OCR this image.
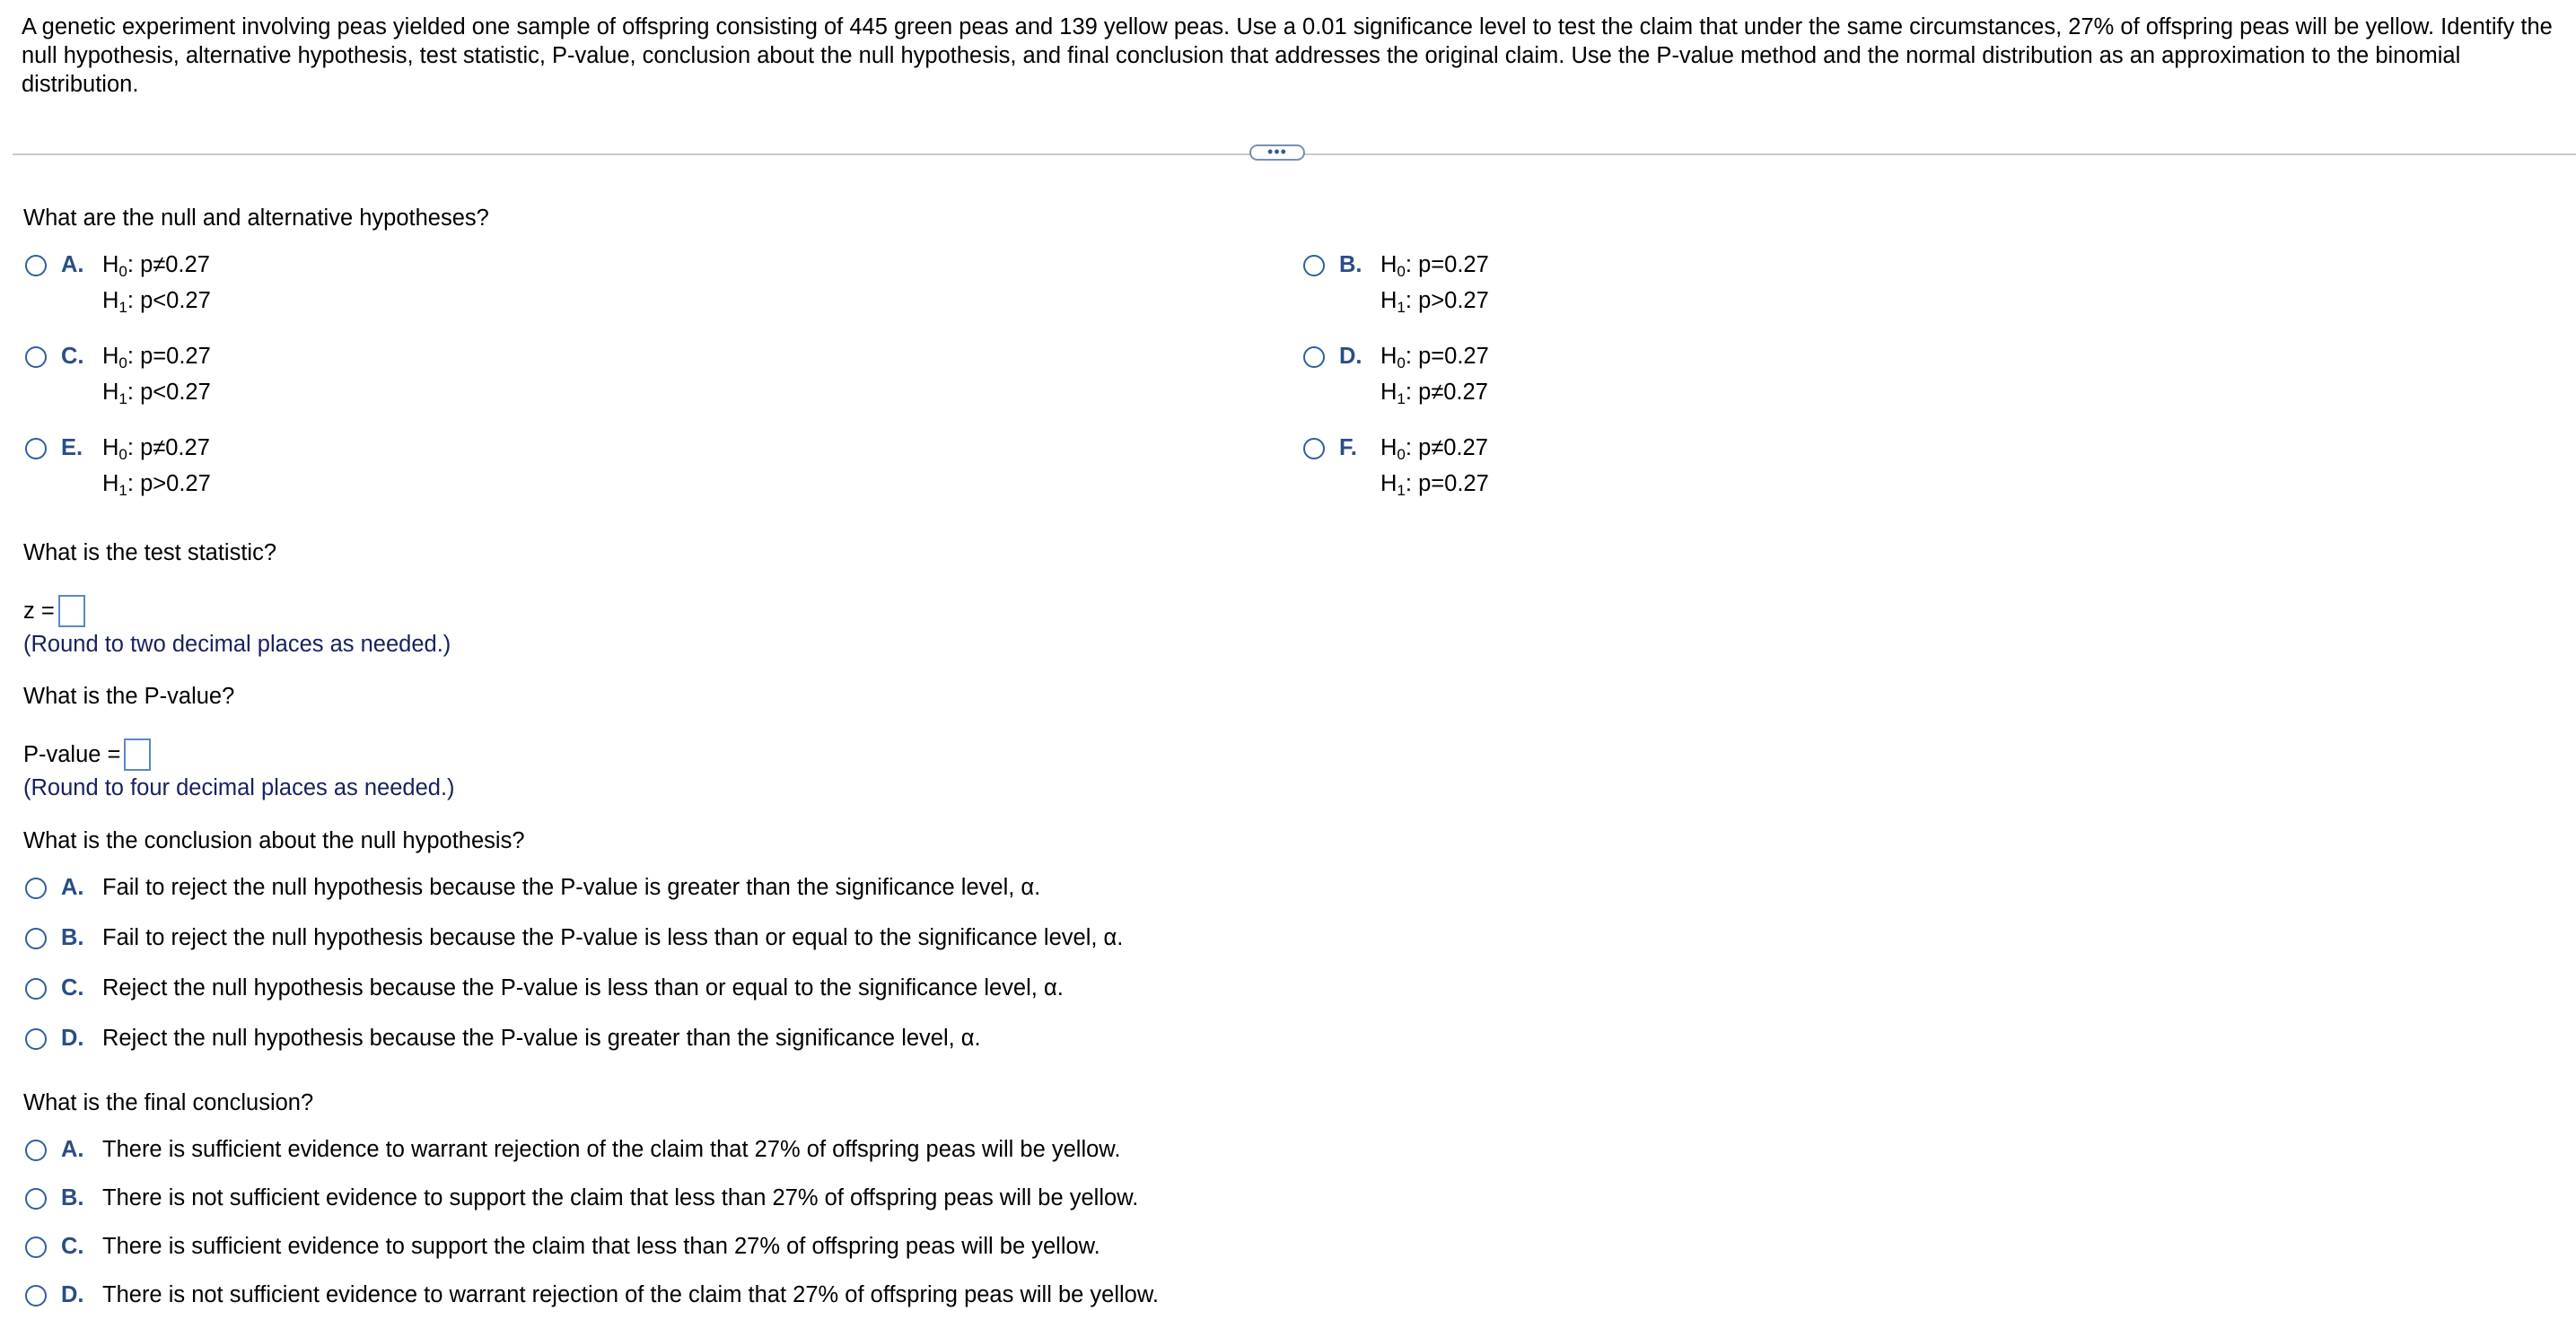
A genetic experiment involving peas yielded one sample of offspring consisting of 445 green peas and 139 yellow peas. Use a 0.01 significance level to test the claim that under the same circumstances, 27% of offspring peas will be yellow. Identify the null hypothesis, alternative hypothesis, test statistic, P-value, conclusion about the null hypothesis, and final conclusion that addresses the original claim. Use the P-value method and the normal distribution as an approximation to the binomial distribution.
•••
What are the null and alternative hypotheses?
A. $H_0$: p≠0.27
$H_1$: p<0.27
B. $H_0$: p=0.27
$H_1$: p>0.27
C. $H_0$: p=0.27
$H_1$: p<0.27
D. $H_0$: p=0.27
$H_1$: p≠0.27
E. $H_0$: p≠0.27
$H_1$: p>0.27
F.	$H_0$: p≠0.27
$H_1$: p=0.27
What is the test statistic?
z =
(Round to two decimal places as needed.)
What is the P-value?
P-value =
(Round to four decimal places as needed.)
What is the conclusion about the null hypothesis?
A. Fail to reject the null hypothesis because the P-value is greater than the significance level, α.
B. Fail to reject the null hypothesis because the P-value is less than or equal to the significance level, α.
C. Reject the null hypothesis because the P-value is less than or equal to the significance level, α.
D. Reject the null hypothesis because the P-value is greater than the significance level, α.
What is the final conclusion?
A. There is sufficient evidence to warrant rejection of the claim that 27% of offspring peas will be yellow.
B. There is not sufficient evidence to support the claim that less than 27% of offspring peas will be yellow.
C. There is sufficient evidence to support the claim that less than 27% of offspring peas will be yellow.
D. There is not sufficient evidence to warrant rejection of the claim that 27% of offspring peas will be yellow.
